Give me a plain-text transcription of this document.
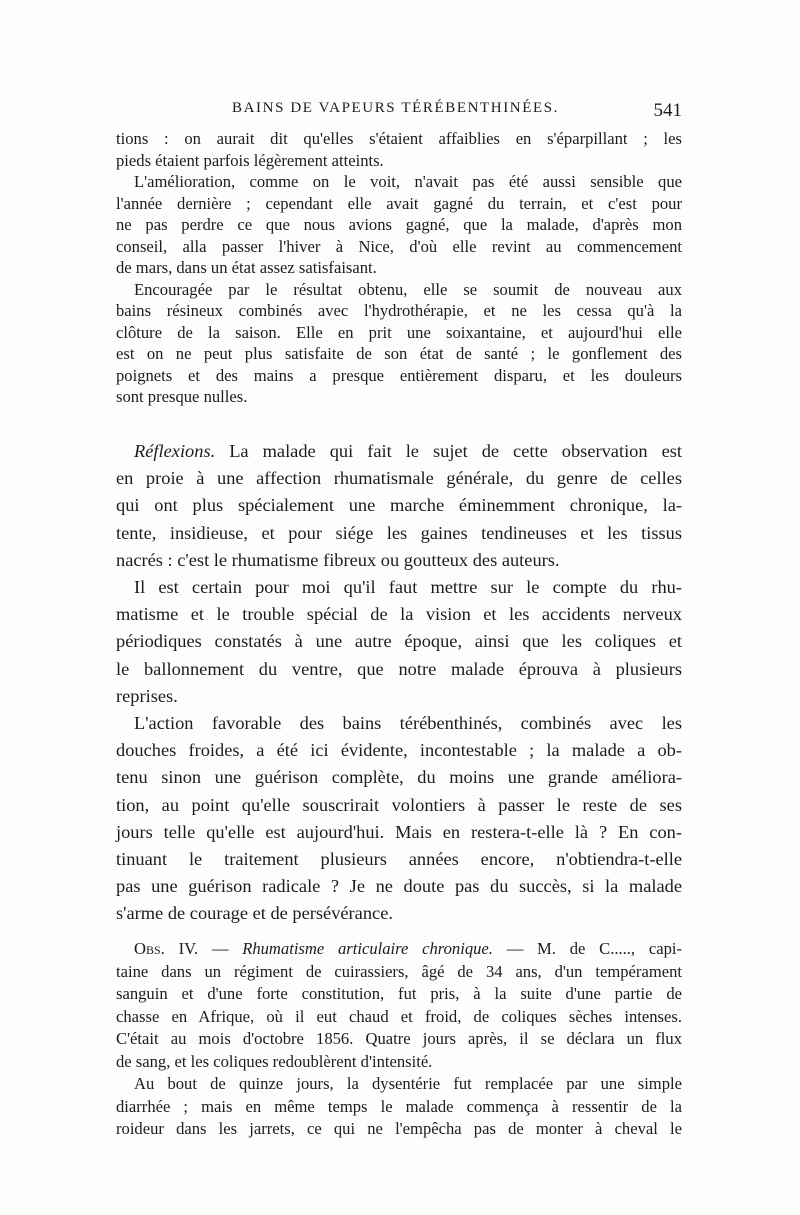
BAINS DE VAPEURS TÉRÉBENTHINÉES.	541
tions : on aurait dit qu'elles s'étaient affaiblies en s'éparpillant ; les
pieds étaient parfois légèrement atteints.
L'amélioration, comme on le voit, n'avait pas été aussi sensible que
l'année dernière ; cependant elle avait gagné du terrain, et c'est pour
ne pas perdre ce que nous avions gagné, que la malade, d'après mon
conseil, alla passer l'hiver à Nice, d'où elle revint au commencement
de mars, dans un état assez satisfaisant.
Encouragée par le résultat obtenu, elle se soumit de nouveau aux
bains résineux combinés avec l'hydrothérapie, et ne les cessa qu'à la
clôture de la saison. Elle en prit une soixantaine, et aujourd'hui elle
est on ne peut plus satisfaite de son état de santé ; le gonflement des
poignets et des mains a presque entièrement disparu, et les douleurs
sont presque nulles.
Réflexions. La malade qui fait le sujet de cette observation est
en proie à une affection rhumatismale générale, du genre de celles
qui ont plus spécialement une marche éminemment chronique, la-
tente, insidieuse, et pour siége les gaines tendineuses et les tissus
nacrés : c'est le rhumatisme fibreux ou goutteux des auteurs.
Il est certain pour moi qu'il faut mettre sur le compte du rhu-
matisme et le trouble spécial de la vision et les accidents nerveux
périodiques constatés à une autre époque, ainsi que les coliques et
le ballonnement du ventre, que notre malade éprouva à plusieurs
reprises.
L'action favorable des bains térébenthinés, combinés avec les
douches froides, a été ici évidente, incontestable ; la malade a ob-
tenu sinon une guérison complète, du moins une grande améliora-
tion, au point qu'elle souscrirait volontiers à passer le reste de ses
jours telle qu'elle est aujourd'hui. Mais en restera-t-elle là ? En con-
tinuant le traitement plusieurs années encore, n'obtiendra-t-elle
pas une guérison radicale ? Je ne doute pas du succès, si la malade
s'arme de courage et de persévérance.
Obs. IV. — Rhumatisme articulaire chronique. — M. de C....., capi-
taine dans un régiment de cuirassiers, âgé de 34 ans, d'un tempérament
sanguin et d'une forte constitution, fut pris, à la suite d'une partie de
chasse en Afrique, où il eut chaud et froid, de coliques sèches intenses.
C'était au mois d'octobre 1856. Quatre jours après, il se déclara un flux
de sang, et les coliques redoublèrent d'intensité.
Au bout de quinze jours, la dysentérie fut remplacée par une simple
diarrhée ; mais en même temps le malade commença à ressentir de la
roideur dans les jarrets, ce qui ne l'empêcha pas de monter à cheval le
